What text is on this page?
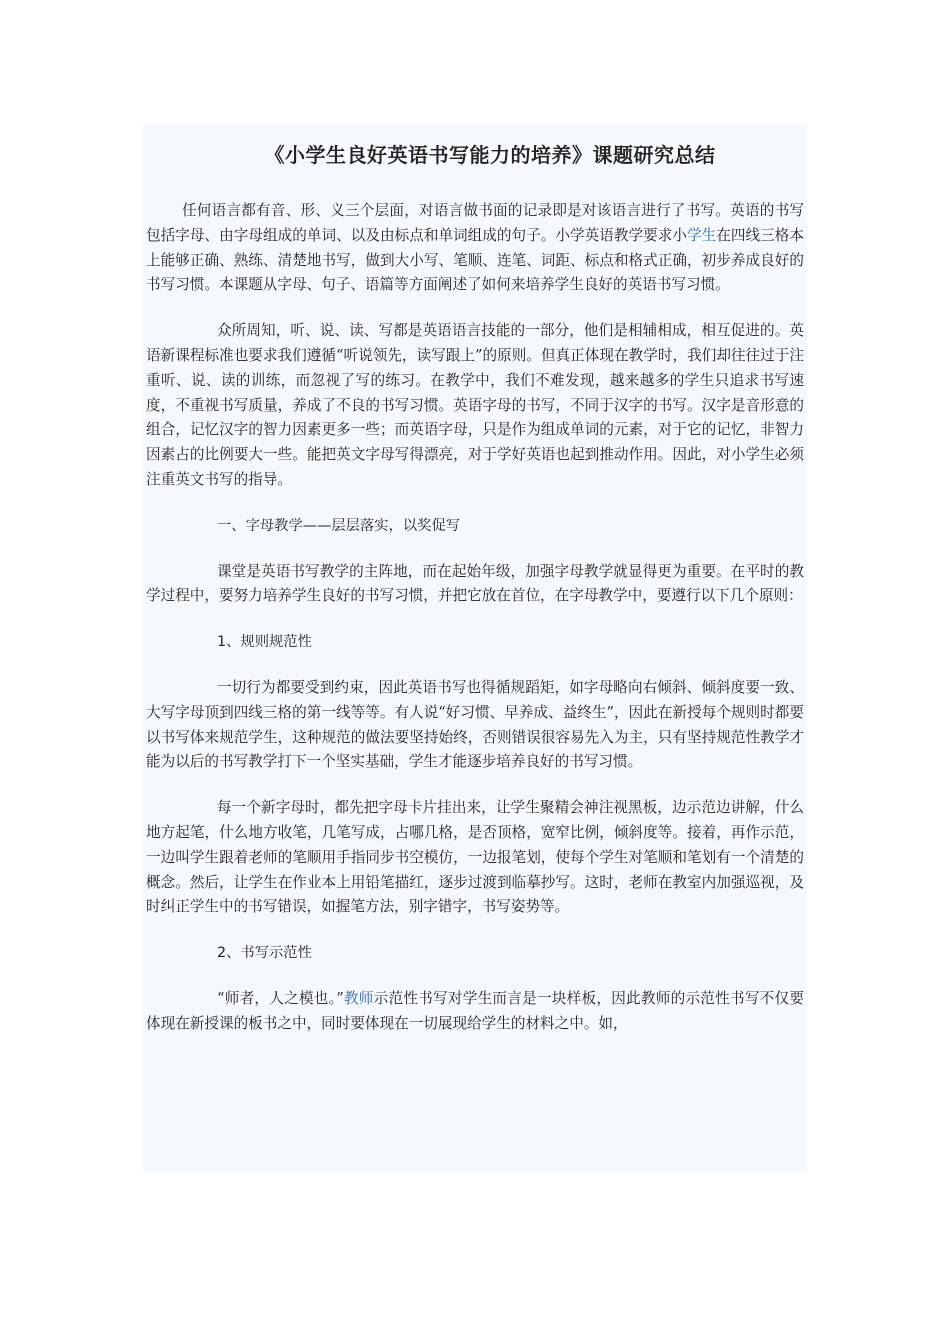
《小学生良好英语书写能力的培养》课题研究总结

任何语言都有音、形、义三个层面，对语言做书面的记录即是对该语言进行了书写。英语的书写包括字母、由字母组成的单词、以及由标点和单词组成的句子。小学英语教学要求小学生在四线三格本上能够正确、熟练、清楚地书写，做到大小写、笔顺、连笔、词距、标点和格式正确，初步养成良好的书写习惯。本课题从字母、句子、语篇等方面阐述了如何来培养学生良好的英语书写习惯。

众所周知，听、说、读、写都是英语语言技能的一部分，他们是相辅相成，相互促进的。英语新课程标准也要求我们遵循“听说领先，读写跟上”的原则。但真正体现在教学时，我们却往往过于注重听、说、读的训练，而忽视了写的练习。在教学中，我们不难发现，越来越多的学生只追求书写速度，不重视书写质量，养成了不良的书写习惯。英语字母的书写，不同于汉字的书写。汉字是音形意的组合，记忆汉字的智力因素更多一些；而英语字母，只是作为组成单词的元素，对于它的记忆，非智力因素占的比例要大一些。能把英文字母写得漂亮，对于学好英语也起到推动作用。因此，对小学生必须注重英文书写的指导。

一、字母教学——层层落实，以奖促写

课堂是英语书写教学的主阵地，而在起始年级，加强字母教学就显得更为重要。在平时的教学过程中，要努力培养学生良好的书写习惯，并把它放在首位，在字母教学中，要遵行以下几个原则：

1、规则规范性

一切行为都要受到约束，因此英语书写也得循规蹈矩，如字母略向右倾斜、倾斜度要一致、大写字母顶到四线三格的第一线等等。有人说“好习惯、早养成、益终生”，因此在新授每个规则时都要以书写体来规范学生，这种规范的做法要坚持始终，否则错误很容易先入为主，只有坚持规范性教学才能为以后的书写教学打下一个坚实基础，学生才能逐步培养良好的书写习惯。

每一个新字母时，都先把字母卡片挂出来，让学生聚精会神注视黑板，边示范边讲解，什么地方起笔，什么地方收笔，几笔写成，占哪几格，是否顶格，宽窄比例，倾斜度等。接着，再作示范，一边叫学生跟着老师的笔顺用手指同步书空模仿，一边报笔划，使每个学生对笔顺和笔划有一个清楚的概念。然后，让学生在作业本上用铅笔描红，逐步过渡到临摹抄写。这时，老师在教室内加强巡视，及时纠正学生中的书写错误，如握笔方法，别字错字，书写姿势等。

2、书写示范性

“师者，人之模也。”教师示范性书写对学生而言是一块样板，因此教师的示范性书写不仅要体现在新授课的板书之中，同时要体现在一切展现给学生的材料之中。如，
